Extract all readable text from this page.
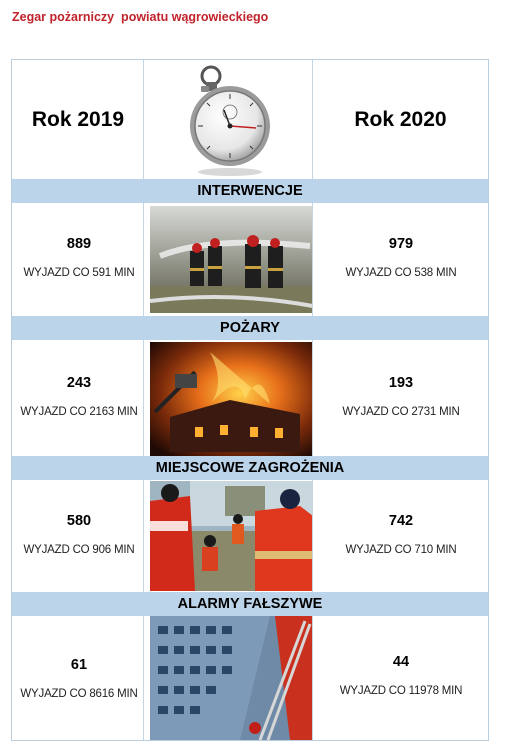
Zegar pożarniczy  powiatu wągrowieckiego
Rok 2019	Rok 2020
INTERWENCJE
889
WYJAZD CO 591 MIN
979
WYJAZD CO 538 MIN
POŻARY
243
WYJAZD CO 2163 MIN
193
WYJAZD CO 2731 MIN
MIEJSCOWE ZAGROŻENIA
580
WYJAZD CO 906 MIN
742
WYJAZD CO 710 MIN
ALARMY FAŁSZYWE
61
WYJAZD CO 8616 MIN
44
WYJAZD CO 11978 MIN
